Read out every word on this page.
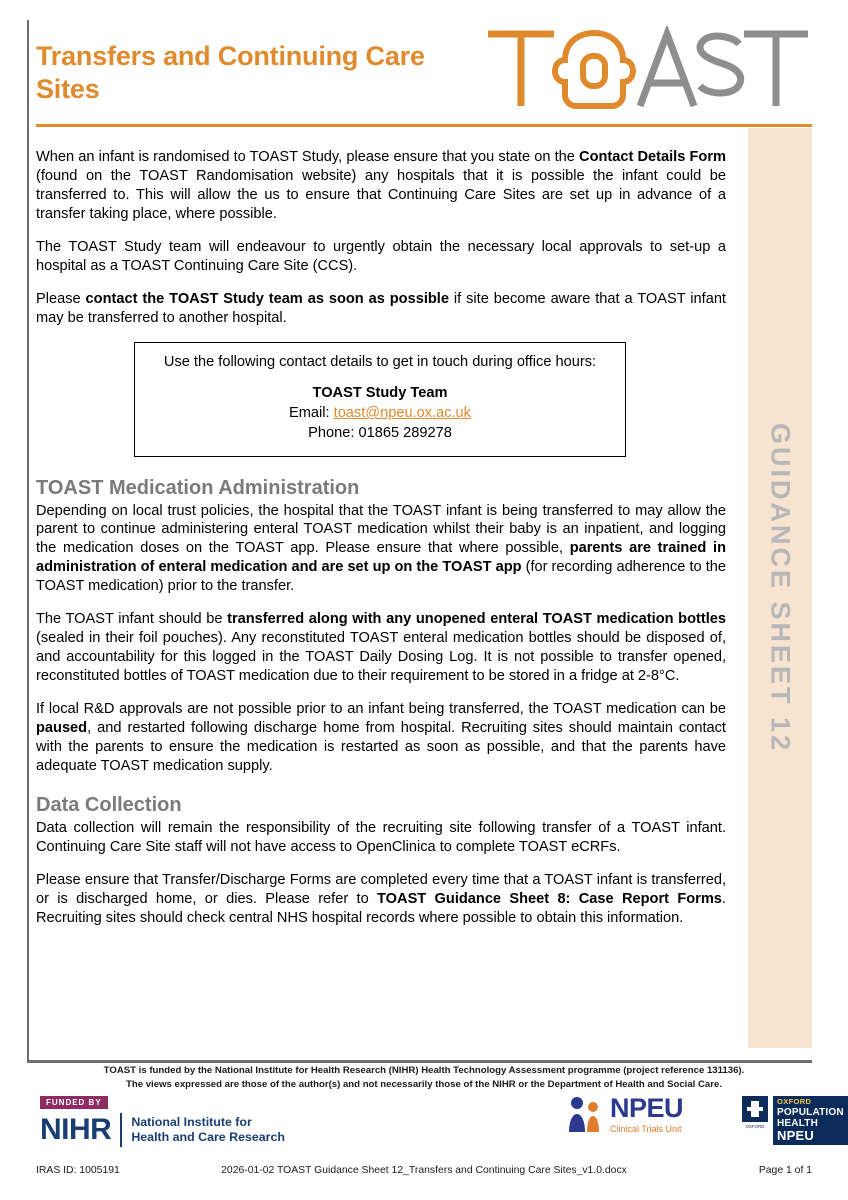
Transfers and Continuing Care Sites
GUIDANCE SHEET 12

When an infant is randomised to TOAST Study, please ensure that you state on the Contact Details Form (found on the TOAST Randomisation website) any hospitals that it is possible the infant could be transferred to. This will allow the us to ensure that Continuing Care Sites are set up in advance of a transfer taking place, where possible.

The TOAST Study team will endeavour to urgently obtain the necessary local approvals to set-up a hospital as a TOAST Continuing Care Site (CCS).

Please contact the TOAST Study team as soon as possible if site become aware that a TOAST infant may be transferred to another hospital.

Use the following contact details to get in touch during office hours:
TOAST Study Team
Email: toast@npeu.ox.ac.uk
Phone: 01865 289278
TOAST Medication Administration

Depending on local trust policies, the hospital that the TOAST infant is being transferred to may allow the parent to continue administering enteral TOAST medication whilst their baby is an inpatient, and logging the medication doses on the TOAST app. Please ensure that where possible, parents are trained in administration of enteral medication and are set up on the TOAST app (for recording adherence to the TOAST medication) prior to the transfer.

The TOAST infant should be transferred along with any unopened enteral TOAST medication bottles (sealed in their foil pouches). Any reconstituted TOAST enteral medication bottles should be disposed of, and accountability for this logged in the TOAST Daily Dosing Log. It is not possible to transfer opened, reconstituted bottles of TOAST medication due to their requirement to be stored in a fridge at 2-8°C.

If local R&D approvals are not possible prior to an infant being transferred, the TOAST medication can be paused, and restarted following discharge home from hospital. Recruiting sites should maintain contact with the parents to ensure the medication is restarted as soon as possible, and that the parents have adequate TOAST medication supply.

Data Collection

Data collection will remain the responsibility of the recruiting site following transfer of a TOAST infant. Continuing Care Site staff will not have access to OpenClinica to complete TOAST eCRFs.

Please ensure that Transfer/Discharge Forms are completed every time that a TOAST infant is transferred, or is discharged home, or dies. Please refer to TOAST Guidance Sheet 8: Case Report Forms. Recruiting sites should check central NHS hospital records where possible to obtain this information.

TOAST is funded by the National Institute for Health Research (NIHR) Health Technology Assessment programme (project reference 131136).
The views expressed are those of the author(s) and not necessarily those of the NIHR or the Department of Health and Social Care.
FUNDED BY
NIHR National Institute for
Health and Care Research
NPEU
Clinical Trials Unit	OXFORD
OXFORD
POPULATION
HEALTH
NPEU
IRAS ID: 1005191	2026-01-02 TOAST Guidance Sheet 12_Transfers and Continuing Care Sites_v1.0.docx	Page 1 of 1
